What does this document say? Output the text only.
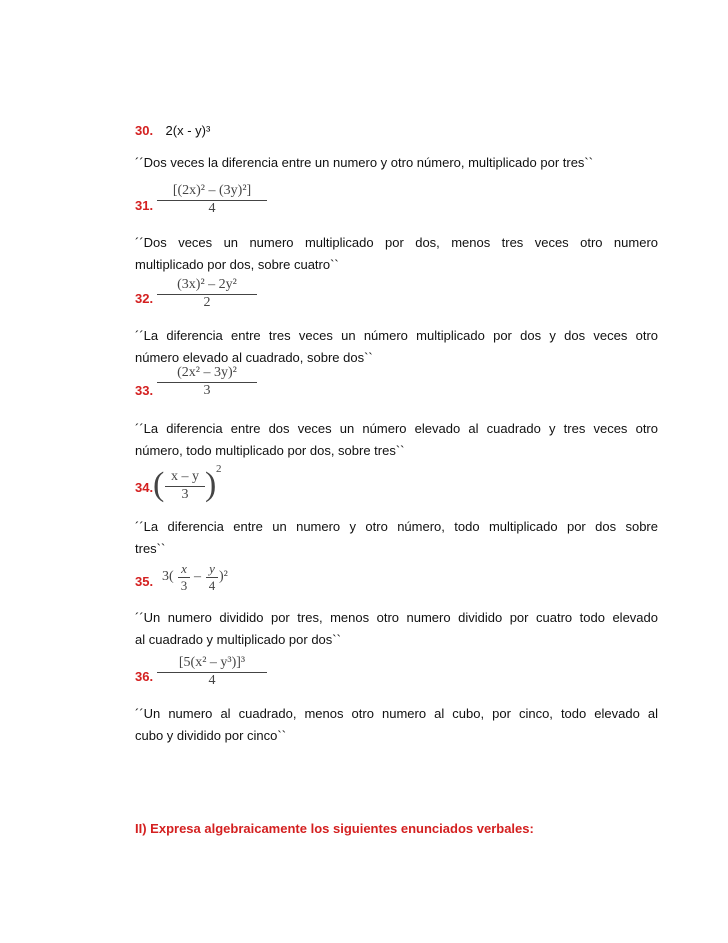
30. 2(x - y)³
´´Dos veces la diferencia entre un numero y otro número, multiplicado por tres``
31. $\frac{\text{[(2x)² – (3y)²]}}{4}$
´´Dos veces un numero multiplicado por dos, menos tres veces otro numero
multiplicado por dos, sobre cuatro``
32. $\frac{\text{(3x)² – 2y²}}{2}$
´´La diferencia entre tres veces un número multiplicado por dos y dos veces otro
número elevado al cuadrado, sobre dos``
33. $\frac{\text{(2x² – 3y)²}}{3}$
´´La diferencia entre dos veces un número elevado al cuadrado y tres veces otro
número, todo multiplicado por dos, sobre tres``
34. ( $\frac{x - y}{3}$ ) 2
´´La diferencia entre un numero y otro número, todo multiplicado por dos sobre
tres``
35. $3( \frac{x}{3} - \frac{y}{4} )^2$
´´Un numero dividido por tres, menos otro numero dividido por cuatro todo elevado
al cuadrado y multiplicado por dos``
36. $\frac{\text{[5(x² – y³)]³}}{4}$
´´Un numero al cuadrado, menos otro numero al cubo, por cinco, todo elevado al
cubo y dividido por cinco``
II) Expresa algebraicamente los siguientes enunciados verbales:
